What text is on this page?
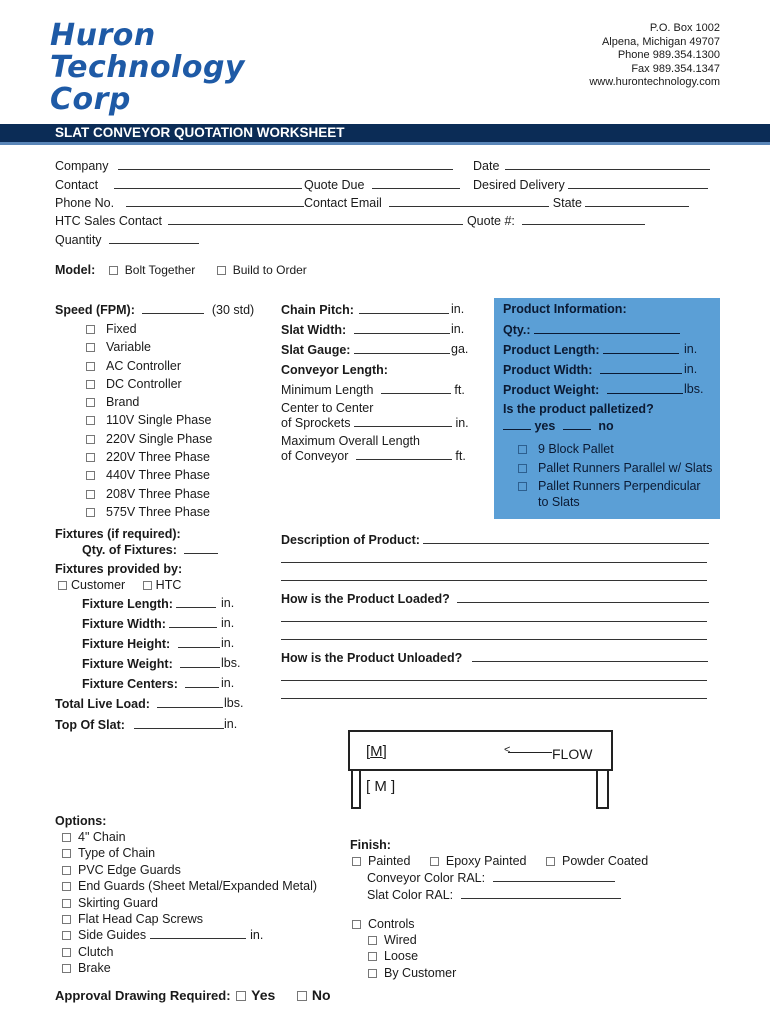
Huron
Technology
Corp
P.O. Box 1002
Alpena, Michigan 49707
Phone 989.354.1300
Fax 989.354.1347
www.hurontechnology.com
SLAT CONVEYOR QUOTATION WORKSHEET
Company	Date
Contact	Quote Due	Desired Delivery
Phone No.	Contact Email	State
HTC Sales Contact	Quote #:
Quantity
Model: Bolt Together	Build to Order
Speed (FPM):	(30 std)
Fixed
Variable
AC Controller
DC Controller
Brand
110V Single Phase
220V Single Phase
220V Three Phase
440V Three Phase
208V Three Phase
575V Three Phase
Chain Pitch:	in.
Slat Width:	in.
Slat Gauge:	ga.
Conveyor Length:
Minimum Length	ft.
Center to Center
of Sprockets	in.
Maximum Overall Length
of Conveyor	ft.
Product Information:
Qty.:
Product Length:	in.
Product Width:	in.
Product Weight:	lbs.
Is the product palletized?
yes	no
9 Block Pallet
Pallet Runners Parallel w/ Slats
Pallet Runners Perpendicular
to Slats
Fixtures (if required):
Qty. of Fixtures:
Fixtures provided by:
Customer HTC
Fixture Length:	in.
Fixture Width:	in.
Fixture Height:	in.
Fixture Weight:	lbs.
Fixture Centers:	in.
Total Live Load:	lbs.
Top Of Slat:	in.
Description of Product:
How is the Product Loaded?
How is the Product Unloaded?
[M]
[ M ]
<	FLOW
Options:
4" Chain
Type of Chain
PVC Edge Guards
End Guards (Sheet Metal/Expanded Metal)
Skirting Guard
Flat Head Cap Screws
Side Guides	in.
Clutch
Brake
Finish:
Painted	Epoxy Painted	Powder Coated
Conveyor Color RAL:
Slat Color RAL:
Controls
Wired
Loose
By Customer
Approval Drawing Required: Yes	No
